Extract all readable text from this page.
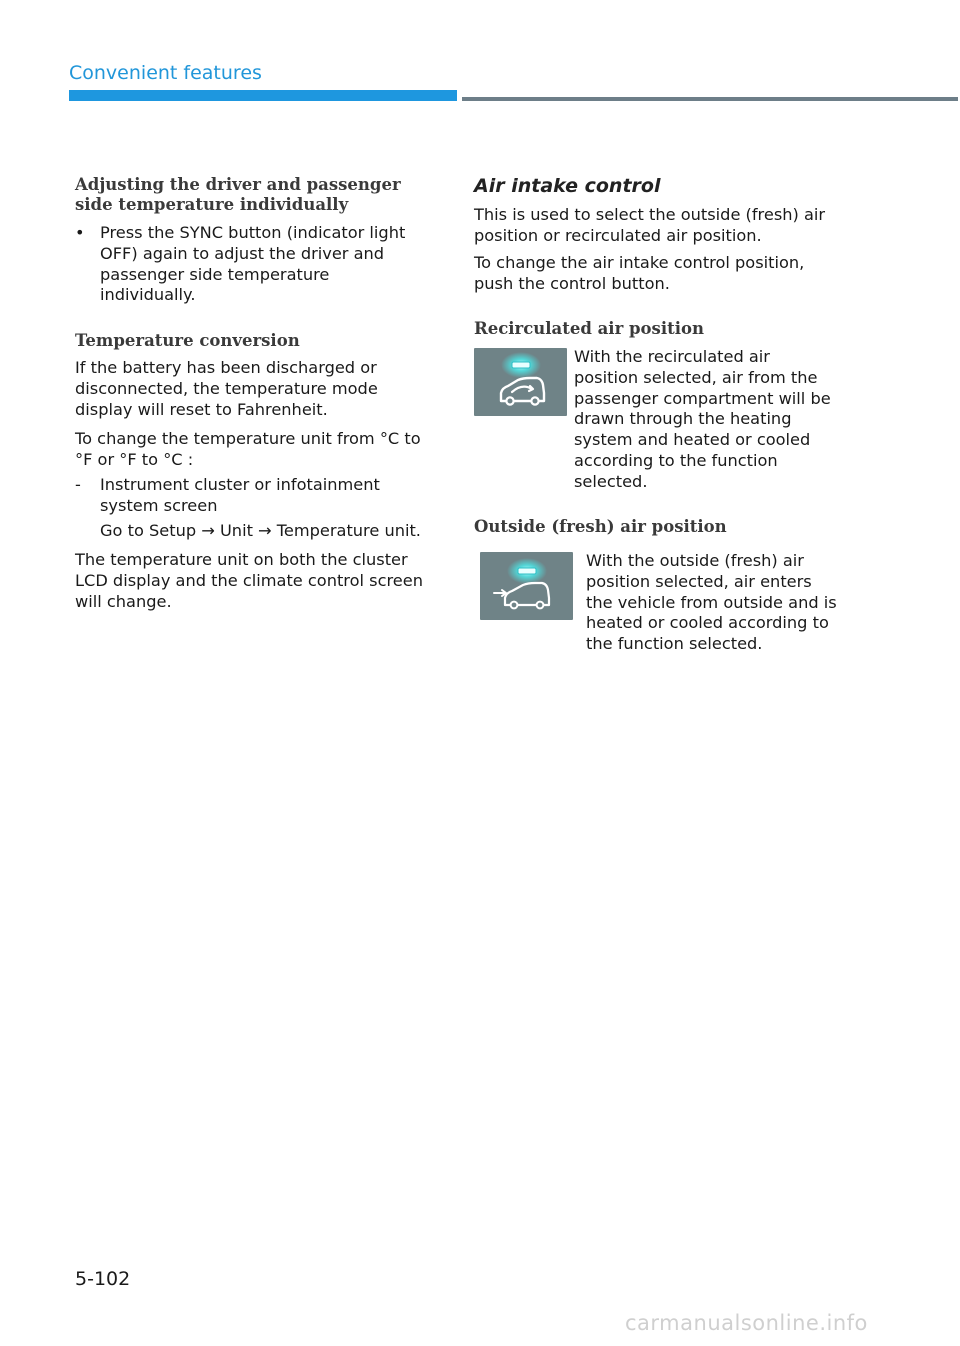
Convenient features
Adjusting the driver and passenger side temperature individually
• Press the SYNC button (indicator light OFF) again to adjust the driver and passenger side temperature individually.
Temperature conversion

If the battery has been discharged or disconnected, the temperature mode display will reset to Fahrenheit.

To change the temperature unit from °C to °F or °F to °C :

-	Instrument cluster or infotainment system screen

Go to Setup → Unit → Temperature unit.

The temperature unit on both the cluster LCD display and the climate control screen will change.

Air intake control

This is used to select the outside (fresh) air position or recirculated air position.

To change the air intake control position, push the control button.

Recirculated air position

With the recirculated air position selected, air from the passenger compartment will be drawn through the heating system and heated or cooled according to the function selected.

Outside (fresh) air position

With the outside (fresh) air position selected, air enters the vehicle from outside and is heated or cooled according to the function selected.

5-102
carmanualsonline.info
